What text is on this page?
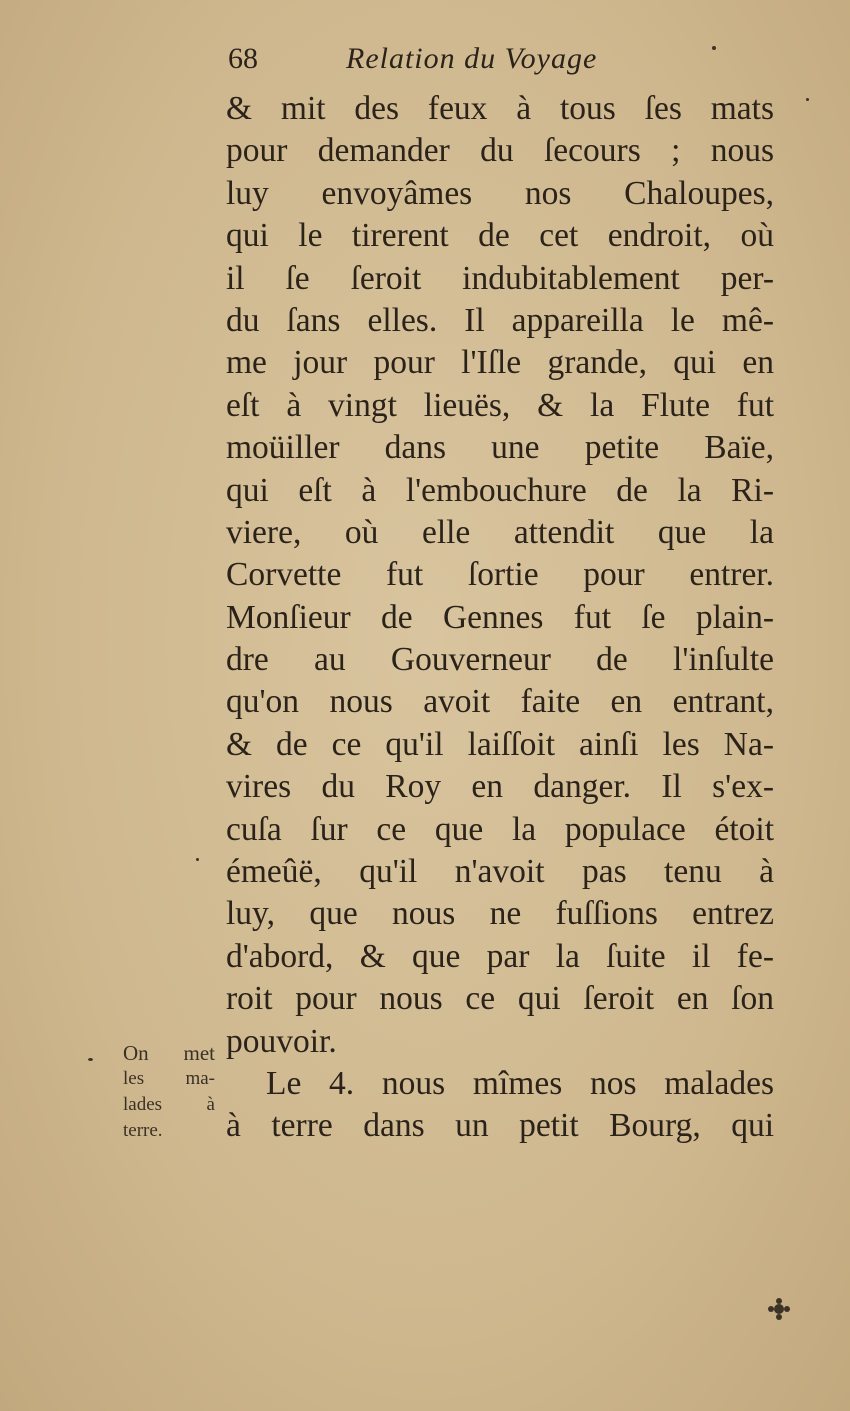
68	Relation du Voyage
& mit des feux à tous ſes mats
pour demander du ſecours ; nous
luy envoyâmes nos Chaloupes,
qui le tirerent de cet endroit, où
il ſe ſeroit indubitablement per-
du ſans elles. Il appareilla le mê-
me jour pour l'Iſle grande, qui en
eſt à vingt lieuës, & la Flute fut
moüiller dans une petite Baïe,
qui eſt à l'embouchure de la Ri-
viere, où elle attendit que la
Corvette fut ſortie pour entrer.
Monſieur de Gennes fut ſe plain-
dre au Gouverneur de l'inſulte
qu'on nous avoit faite en entrant,
& de ce qu'il laiſſoit ainſi les Na-
vires du Roy en danger. Il s'ex-
cuſa ſur ce que la populace étoit
émeûë, qu'il n'avoit pas tenu à
luy, que nous ne fuſſions entrez
d'abord, & que par la ſuite il fe-
roit pour nous ce qui ſeroit en ſon
pouvoir.
Le 4. nous mîmes nos malades
à terre dans un petit Bourg, qui
On met
les ma-
lades à
terre.
